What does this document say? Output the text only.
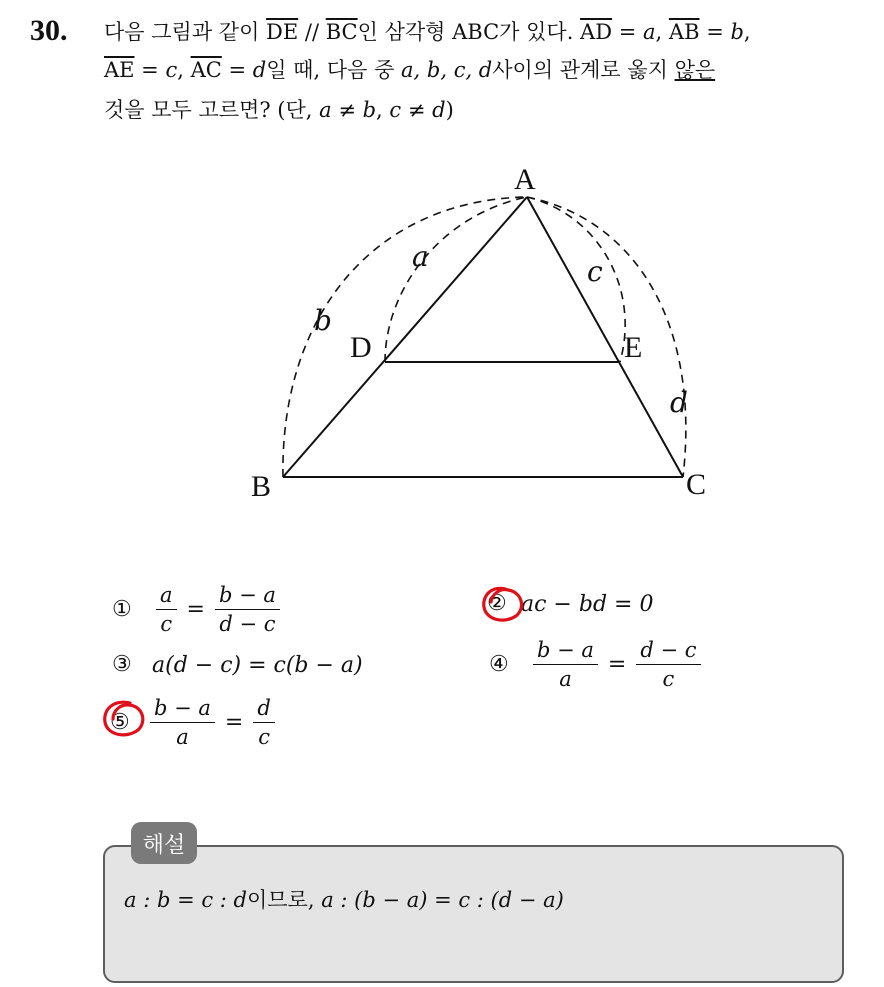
30. 다음 그림과 같이 $\overline{DE} // \overline{BC}$인 삼각형 ABC가 있다. $\overline{AD} = a$, $\overline{AB} = b$,
$\overline{AE} = c$, $\overline{AC} = d$일 때, 다음 중 a, b, c, d사이의 관계로 옳지 않은
것을 모두 고르면? (단, a ≠ b, c ≠ d)
A
B	C
D	E
a
b
c
d
① $\frac{a}{c} = \frac{b - a}{d - c}$	② ac − bd = 0
③ a(d − c) = c(b − a)	④ $\frac{b - a}{a} = \frac{d - c}{c}$
⑤ $\frac{b - a}{a} = \frac{d}{c}$
해설
a : b = c : d이므로, a : (b − a) = c : (d − a)
